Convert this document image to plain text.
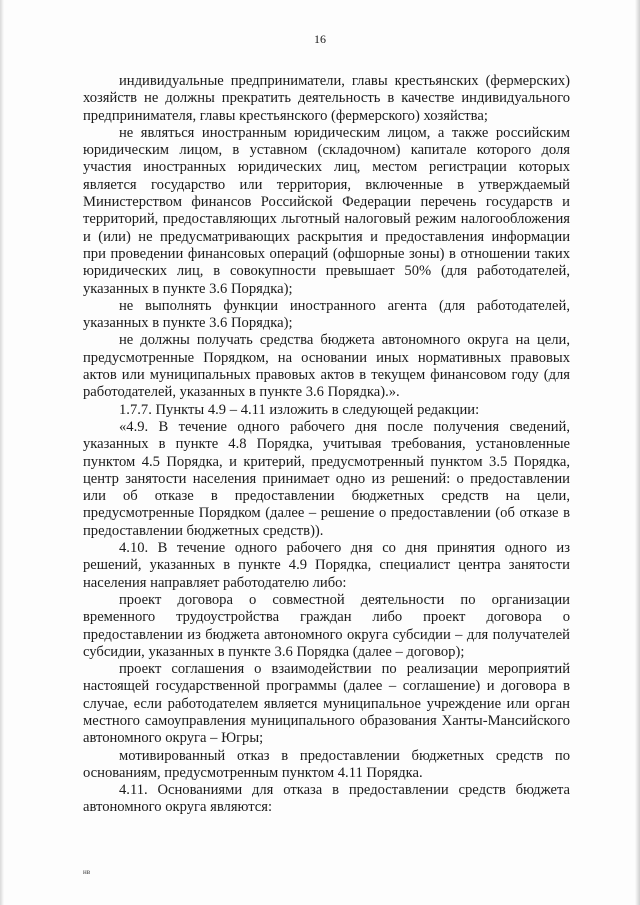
16

индивидуальные предприниматели, главы крестьянских (фермерских) хозяйств не должны прекратить деятельность в качестве индивидуального предпринимателя, главы крестьянского (фермерского) хозяйства;

не являться иностранным юридическим лицом, а также российским юридическим лицом, в уставном (складочном) капитале которого доля участия иностранных юридических лиц, местом регистрации которых является государство или территория, включенные в утверждаемый Министерством финансов Российской Федерации перечень государств и территорий, предоставляющих льготный налоговый режим налогообложения и (или) не предусматривающих раскрытия и предоставления информации при проведении финансовых операций (офшорные зоны) в отношении таких юридических лиц, в совокупности превышает 50% (для работодателей, указанных в пункте 3.6 Порядка);

не выполнять функции иностранного агента (для работодателей, указанных в пункте 3.6 Порядка);

не должны получать средства бюджета автономного округа на цели, предусмотренные Порядком, на основании иных нормативных правовых актов или муниципальных правовых актов в текущем финансовом году (для работодателей, указанных в пункте 3.6 Порядка).».

1.7.7. Пункты 4.9 – 4.11 изложить в следующей редакции:

«4.9. В течение одного рабочего дня после получения сведений, указанных в пункте 4.8 Порядка, учитывая требования, установленные пунктом 4.5 Порядка, и критерий, предусмотренный пунктом 3.5 Порядка, центр занятости населения принимает одно из решений: о предоставлении или об отказе в предоставлении бюджетных средств на цели, предусмотренные Порядком (далее – решение о предоставлении (об отказе в предоставлении бюджетных средств)).

4.10. В течение одного рабочего дня со дня принятия одного из решений, указанных в пункте 4.9 Порядка, специалист центра занятости населения направляет работодателю либо:

проект договора о совместной деятельности по организации временного трудоустройства граждан либо проект договора о предоставлении из бюджета автономного округа субсидии – для получателей субсидии, указанных в пункте 3.6 Порядка (далее – договор);

проект соглашения о взаимодействии по реализации мероприятий настоящей государственной программы (далее – соглашение) и договора в случае, если работодателем является муниципальное учреждение или орган местного самоуправления муниципального образования Ханты-Мансийского автономного округа – Югры;

мотивированный отказ в предоставлении бюджетных средств по основаниям, предусмотренным пунктом 4.11 Порядка.

4.11. Основаниями для отказа в предоставлении средств бюджета автономного округа являются:

нв
